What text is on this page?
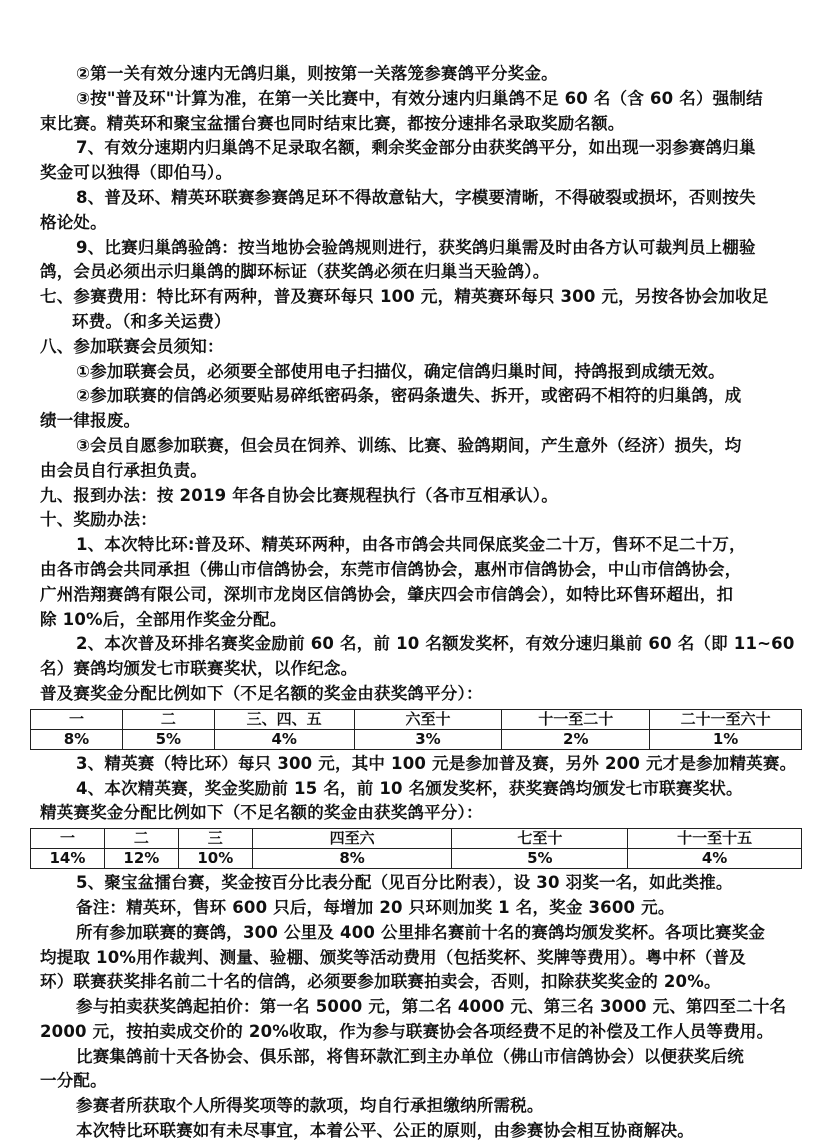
②第一关有效分速内无鸽归巢，则按第一关落笼参赛鸽平分奖金。
③按"普及环"计算为准，在第一关比赛中，有效分速内归巢鸽不足 60 名（含 60 名）强制结
束比赛。精英环和聚宝盆擂台赛也同时结束比赛，都按分速排名录取奖励名额。
7、有效分速期内归巢鸽不足录取名额，剩余奖金部分由获奖鸽平分，如出现一羽参赛鸽归巢
奖金可以独得（即伯马）。
8、普及环、精英环联赛参赛鸽足环不得故意钻大，字模要清晰，不得破裂或损坏，否则按失
格论处。
9、比赛归巢鸽验鸽：按当地协会验鸽规则进行，获奖鸽归巢需及时由各方认可裁判员上棚验
鸽，会员必须出示归巢鸽的脚环标证（获奖鸽必须在归巢当天验鸽）。
七、参赛费用：特比环有两种，普及赛环每只 100 元，精英赛环每只 300 元，另按各协会加收足
环费。（和多关运费）
八、参加联赛会员须知：
①参加联赛会员，必须要全部使用电子扫描仪，确定信鸽归巢时间，持鸽报到成绩无效。
②参加联赛的信鸽必须要贴易碎纸密码条，密码条遗失、拆开，或密码不相符的归巢鸽，成
绩一律报废。
③会员自愿参加联赛，但会员在饲养、训练、比赛、验鸽期间，产生意外（经济）损失，均
由会员自行承担负责。
九、报到办法：按 2019 年各自协会比赛规程执行（各市互相承认）。
十、奖励办法：
1、本次特比环:普及环、精英环两种，由各市鸽会共同保底奖金二十万，售环不足二十万，
由各市鸽会共同承担（佛山市信鸽协会，东莞市信鸽协会，惠州市信鸽协会，中山市信鸽协会，
广州浩翔赛鸽有限公司，深圳市龙岗区信鸽协会，肇庆四会市信鸽会），如特比环售环超出，扣
除 10%后，全部用作奖金分配。
2、本次普及环排名赛奖金励前 60 名，前 10 名额发奖杯，有效分速归巢前 60 名（即 11~60
名）赛鸽均颁发七市联赛奖状，以作纪念。
普及赛奖金分配比例如下（不足名额的奖金由获奖鸽平分）：
一	二	三、四、五	六至十	十一至二十	二十一至六十
8%	5%	4%	3%	2%	1%
3、精英赛（特比环）每只 300 元，其中 100 元是参加普及赛，另外 200 元才是参加精英赛。
4、本次精英赛，奖金奖励前 15 名，前 10 名颁发奖杯，获奖赛鸽均颁发七市联赛奖状。
精英赛奖金分配比例如下（不足名额的奖金由获奖鸽平分）：
一	二	三	四至六	七至十	十一至十五
14%	12%	10%	8%	5%	4%
5、聚宝盆擂台赛，奖金按百分比表分配（见百分比附表），设 30 羽奖一名，如此类推。
备注：精英环，售环 600 只后，每增加 20 只环则加奖 1 名，奖金 3600 元。
所有参加联赛的赛鸽，300 公里及 400 公里排名赛前十名的赛鸽均颁发奖杯。各项比赛奖金
均提取 10%用作裁判、测量、验棚、颁奖等活动费用（包括奖杯、奖牌等费用）。粤中杯（普及
环）联赛获奖排名前二十名的信鸽，必须要参加联赛拍卖会，否则，扣除获奖奖金的 20%。
参与拍卖获奖鸽起拍价：第一名 5000 元，第二名 4000 元、第三名 3000 元、第四至二十名
2000 元，按拍卖成交价的 20%收取，作为参与联赛协会各项经费不足的补偿及工作人员等费用。
比赛集鸽前十天各协会、俱乐部，将售环款汇到主办单位（佛山市信鸽协会）以便获奖后统
一分配。
参赛者所获取个人所得奖项等的款项，均自行承担缴纳所需税。
本次特比环联赛如有未尽事宜，本着公平、公正的原则，由参赛协会相互协商解决。
